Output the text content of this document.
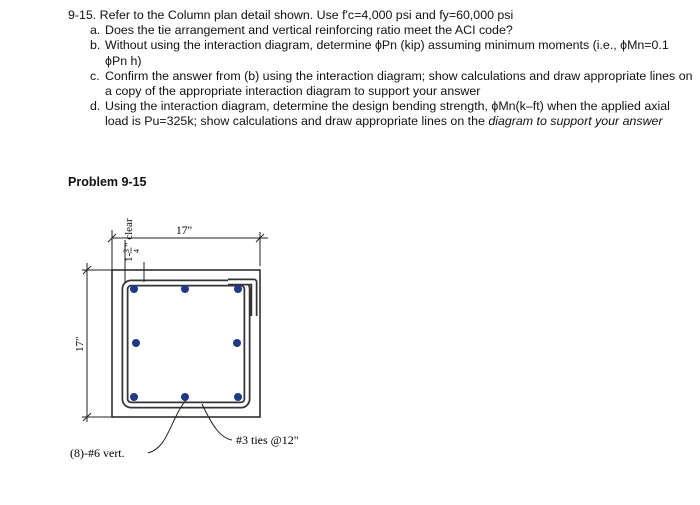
9-15. Refer to the Column plan detail shown. Use f'c=4,000 psi and fy=60,000 psi

a. Does the tie arrangement and vertical reinforcing ratio meet the ACI code?
b. Without using the interaction diagram, determine ϕPn (kip) assuming minimum moments (i.e., ϕMn=0.1 ϕPn h)
c. Confirm the answer from (b) using the interaction diagram; show calculations and draw appropriate lines on a copy of the appropriate interaction diagram to support your answer
d. Using the interaction diagram, determine the design bending strength, ϕMn(k–ft) when the applied axial load is Pu=325k; show calculations and draw appropriate lines on the diagram to support your answer
Problem 9-15
17"
1-
3 4
" clear
17"
(8)-#6 vert.
#3 ties @12"
